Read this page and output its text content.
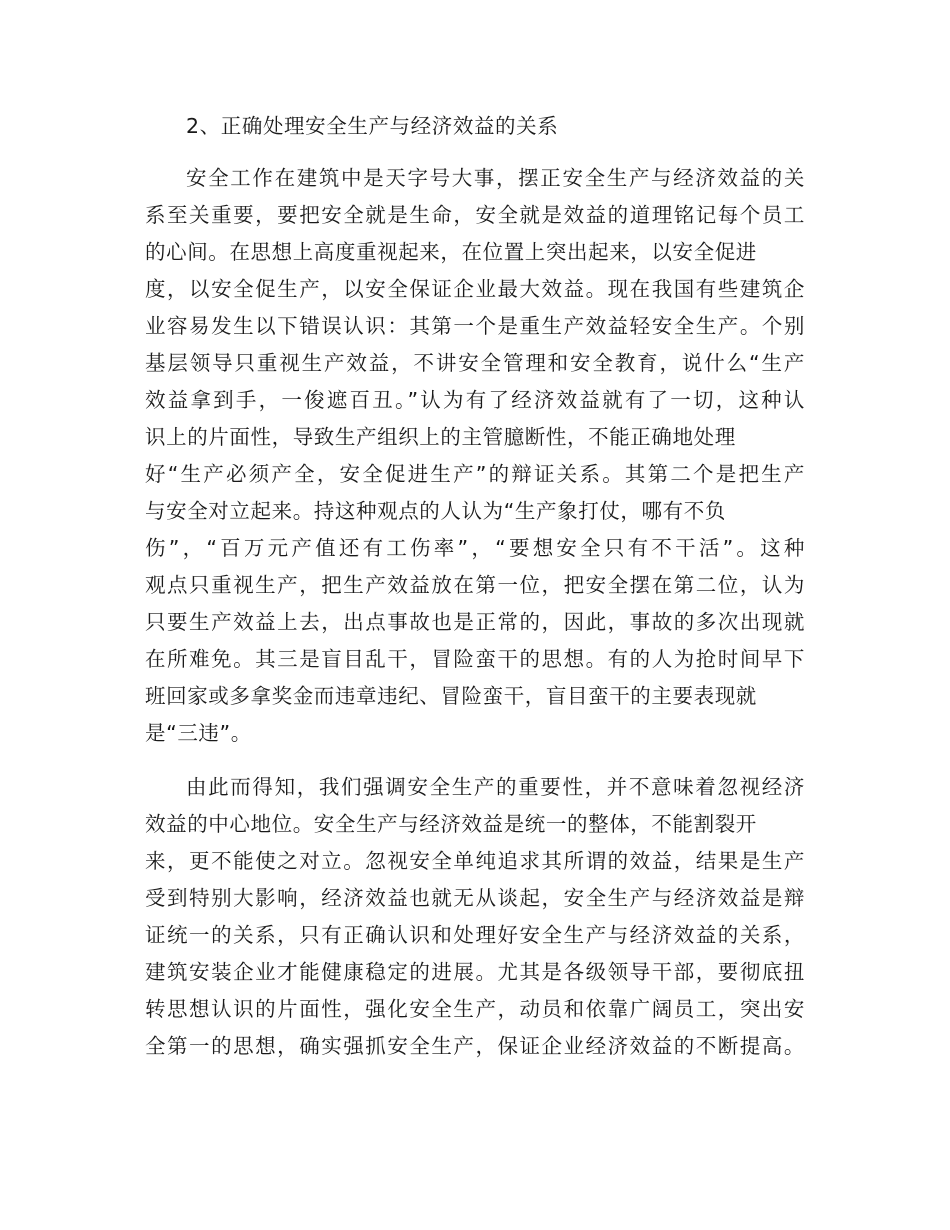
2、正确处理安全生产与经济效益的关系
安全工作在建筑中是天字号大事，摆正安全生产与经济效益的关
系至关重要，要把安全就是生命，安全就是效益的道理铭记每个员工
的心间。在思想上高度重视起来，在位置上突出起来，以安全促进
度，以安全促生产，以安全保证企业最大效益。现在我国有些建筑企
业容易发生以下错误认识：其第一个是重生产效益轻安全生产。个别
基层领导只重视生产效益，不讲安全管理和安全教育，说什么“生产
效益拿到手，一俊遮百丑。”认为有了经济效益就有了一切，这种认
识上的片面性，导致生产组织上的主管臆断性，不能正确地处理
好“生产必须产全，安全促进生产”的辩证关系。其第二个是把生产
与安全对立起来。持这种观点的人认为“生产象打仗，哪有不负
伤”，“百万元产值还有工伤率”，“要想安全只有不干活”。这种
观点只重视生产，把生产效益放在第一位，把安全摆在第二位，认为
只要生产效益上去，出点事故也是正常的，因此，事故的多次出现就
在所难免。其三是盲目乱干，冒险蛮干的思想。有的人为抢时间早下
班回家或多拿奖金而违章违纪、冒险蛮干，盲目蛮干的主要表现就
是“三违”。
由此而得知，我们强调安全生产的重要性，并不意味着忽视经济
效益的中心地位。安全生产与经济效益是统一的整体，不能割裂开
来，更不能使之对立。忽视安全单纯追求其所谓的效益，结果是生产
受到特别大影响，经济效益也就无从谈起，安全生产与经济效益是辩
证统一的关系，只有正确认识和处理好安全生产与经济效益的关系，
建筑安装企业才能健康稳定的进展。尤其是各级领导干部，要彻底扭
转思想认识的片面性，强化安全生产，动员和依靠广阔员工，突出安
全第一的思想，确实强抓安全生产，保证企业经济效益的不断提高。
